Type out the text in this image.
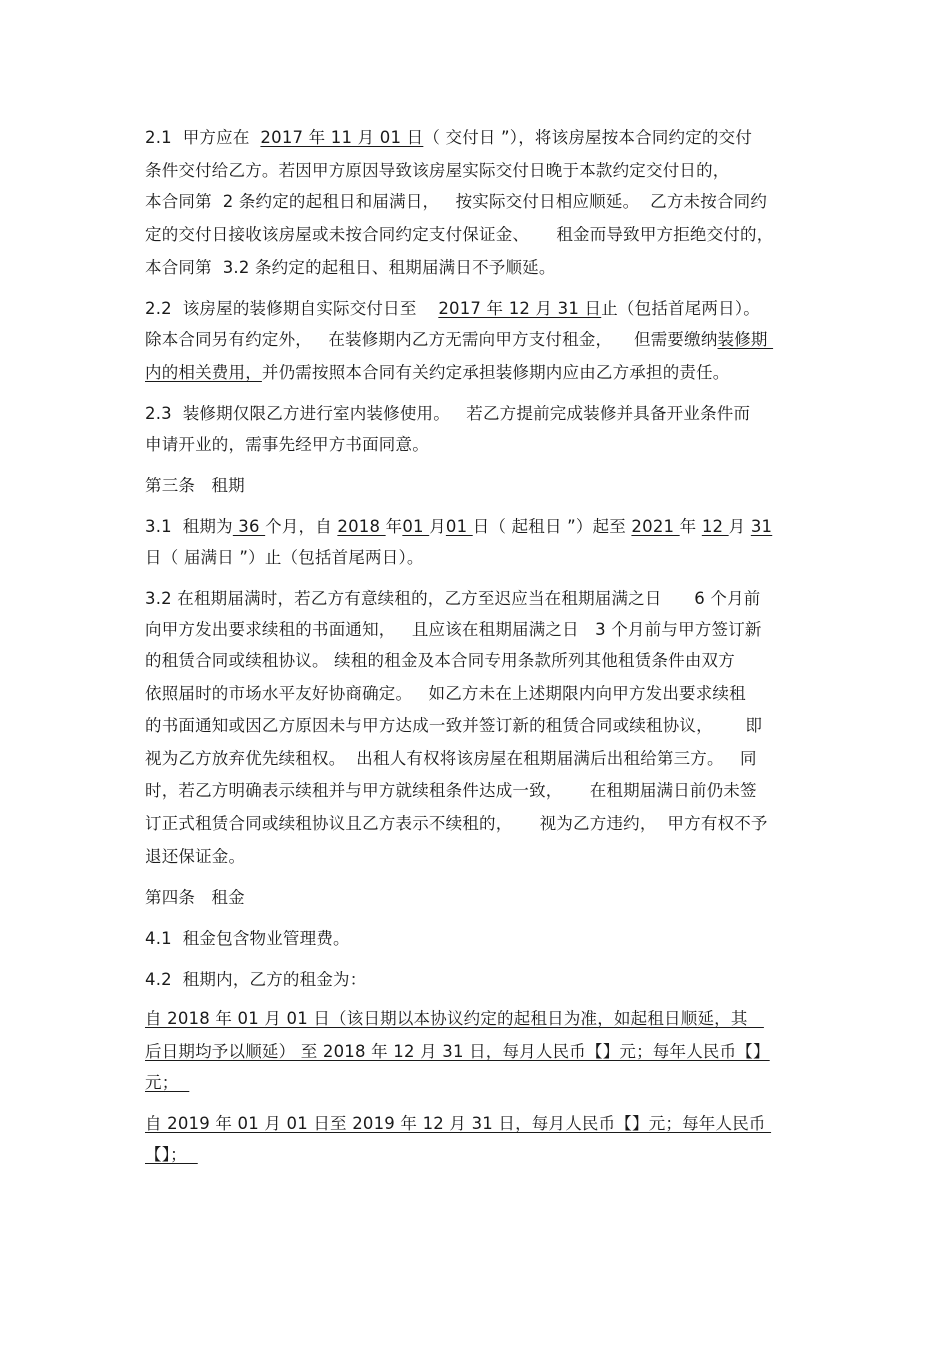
2.1  甲方应在  2017 年 11 月 01 日（ 交付日 ”），将该房屋按本合同约定的交付
条件交付给乙方。若因甲方原因导致该房屋实际交付日晚于本款约定交付日的，
本合同第  2 条约定的起租日和届满日，   按实际交付日相应顺延。  乙方未按合同约
定的交付日接收该房屋或未按合同约定支付保证金、     租金而导致甲方拒绝交付的，
本合同第  3.2 条约定的起租日、租期届满日不予顺延。
2.2  该房屋的装修期自实际交付日至    2017 年 12 月 31 日止（包括首尾两日）。
除本合同另有约定外，   在装修期内乙方无需向甲方支付租金，    但需要缴纳装修期
内的相关费用，并仍需按照本合同有关约定承担装修期内应由乙方承担的责任。
2.3  装修期仅限乙方进行室内装修使用。   若乙方提前完成装修并具备开业条件而
申请开业的，需事先经甲方书面同意。
第三条   租期
3.1  租期为 36 个月，自 2018 年01 月01 日（ 起租日 ”）起至 2021 年 12 月 31
日（ 届满日 ”）止（包括首尾两日）。
3.2 在租期届满时，若乙方有意续租的，乙方至迟应当在租期届满之日      6 个月前
向甲方发出要求续租的书面通知，   且应该在租期届满之日   3 个月前与甲方签订新
的租赁合同或续租协议。 续租的租金及本合同专用条款所列其他租赁条件由双方
依照届时的市场水平友好协商确定。   如乙方未在上述期限内向甲方发出要求续租
的书面通知或因乙方原因未与甲方达成一致并签订新的租赁合同或续租协议，      即
视为乙方放弃优先续租权。  出租人有权将该房屋在租期届满后出租给第三方。   同
时，若乙方明确表示续租并与甲方就续租条件达成一致，     在租期届满日前仍未签
订正式租赁合同或续租协议且乙方表示不续租的，     视为乙方违约，  甲方有权不予
退还保证金。
第四条   租金
4.1  租金包含物业管理费。
4.2  租期内，乙方的租金为：
自 2018 年 01 月 01 日（该日期以本协议约定的起租日为准，如起租日顺延，其
后日期均予以顺延） 至 2018 年 12 月 31 日，每月人民币【】元；每年人民币【】
元；
自 2019 年 01 月 01 日至 2019 年 12 月 31 日，每月人民币【】元；每年人民币
【】；
